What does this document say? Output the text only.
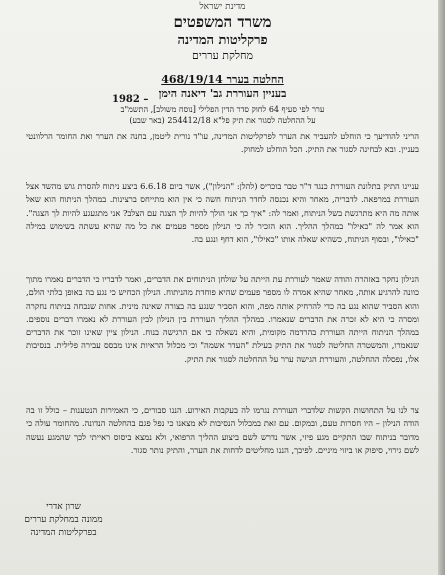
מדינת ישראל
משרד המשפטים
פרקליטות המדינה
מחלקת עררים
החלטה בערר 468/19/14
בעניין העוררת גב' דיאנה הימן
– 1982
ערר לפי סעיף 64 לחוק סדר הדין הפלילי [נוסח משולב], התשמ"ב
על ההחלטה לסגור את תיק פל"א 254412/18 (באר שבע)

הריני להודיעך כי הוחלט להעביר את הערר לפרקליטות המדינה, עו"ד נורית ליטמן, בחנה את הערר ואת החומר הרלוונטי בעניין. ובא לבחינה לסגור את התיק. הכל הוחלט למחוק.

עניינו התיק בתלונת העוררת כנגד ד"ר טבר בוכריס (להלן: "הנילון"), אשר ביום 6.6.18 ביצע ניתוח להסרת גוש מהשד אצל העוררת במרפאה. לדבריה, מאחר והיא נכנסה לחדר הניתוח חשה כי אין הוא מתייחס ברצינות. במהלך הניתוח הוא שאל אותה מה היא מתרגשת בשל הניתוח, ואמר לה: "איך כך אני הולך להיות לך הצגה עם הצלב? אני מתגעגע להיות לך הצגה". הוא אמר לה "כאילו" במהלך ההליך. הוא הזכיר לה כי הנילון מספר פעמים את כל מה שהיא עשתה בשימוש במילה "כאילו", ובסוף הניתוח, כשהיא שאלה אותו "כאילו", הוא דחף ונגע בה.

הנילון נחקר באזהרה והודה שאמר לעוררת עת הייתה על שולחן הניתוחים את הדברים, ואמר לדבריו כי הדברים נאמרו מתוך כוונה להרגיע אותה, מאחר שהיא אמרה לו מספר פעמים שהיא פוחדת מהניתוח. הנילון הכחיש כי נגע בה באופן בלתי הולם, והוא הסביר שהוא נגע בה כדי להרחיק אותה מפה, והוא הסביר שנגע בה בצורה שאינה מינית. אחות שנכחה בניתוח נחקרה ומסרה כי היא לא זכרה את הדברים שנאמרו. במהלך ההליך העוררת בין הנילון לבין העוררת לא נאמרו דברים נוספים. במהלך הניתוח הייתה העוררת בהרדמה מקומית, והיא נשאלה כי אם הרגישה בנוח. הנילון ציין שאינו זוכר את הדברים שנאמרו, והמשטרה החליטה לסגור את התיק בעילת "העדר אשמה" וכי מכלול הראיות אינו מבסס עבירה פלילית. בנסיבות אלו, נפסלה ההחלטה, והעוררת הגישה ערר על ההחלטה לסגור את התיק.

צר לנו על התחושות הקשות שלדברי העוררת נגרמו לה בעקבות האירוע. הננו סבורים, כי האמירות הנטענות – כולל זו בה הודה הנילון – היו חסרות טעם, ובמקום. עם זאת במכלול הנסיבות לא מצאנו כי נפל פגם בהחלטה הנדונה. מהחומר עולה כי מדובר בניתוח שבו התקיים מגע פיזי, אשר נדרש לשם ביצוע ההליך הרפואי, ולא נמצא ביסוס ראייתי לכך שהמגע נעשה לשם גירוי, סיפוק או ביזוי מיניים. לפיכך, הננו מחליטים לדחות את הערר, והתיק נותר סגור.

שרון אדרי
ממונה במחלקת עררים
בפרקליטות המדינה
